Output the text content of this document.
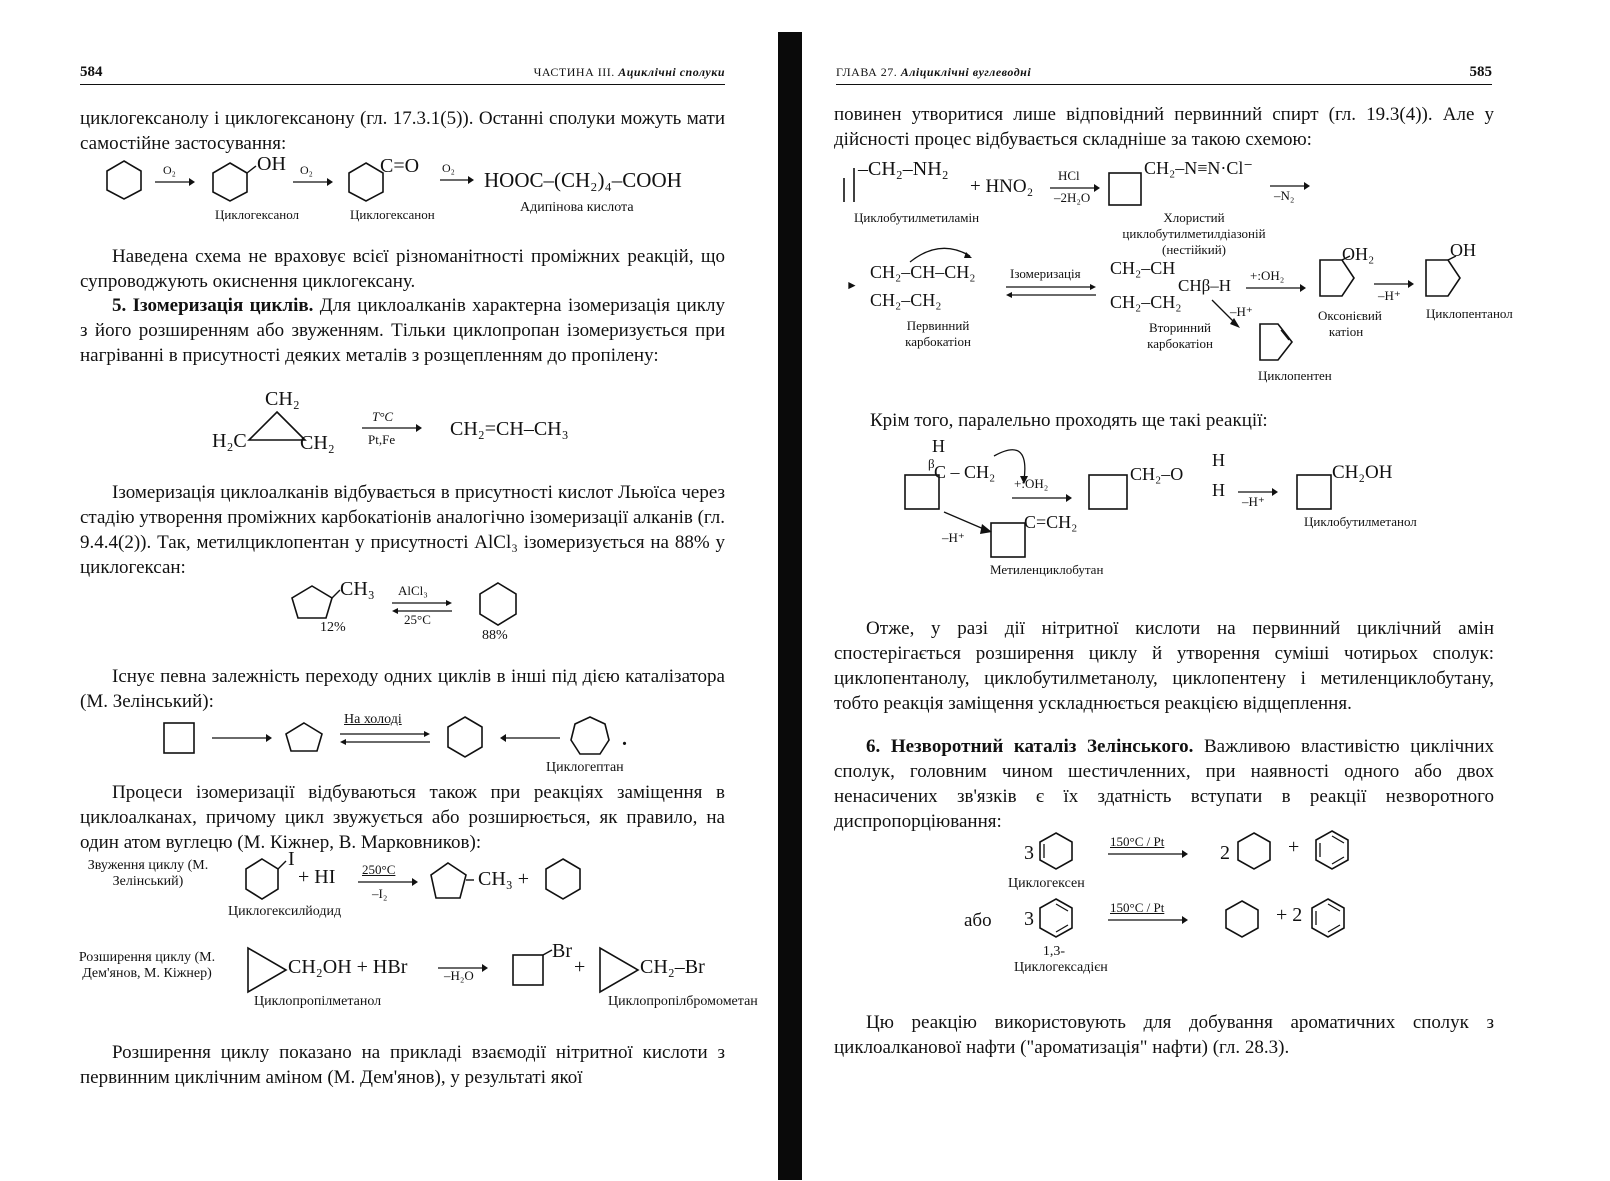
584	ЧАСТИНА III. Ациклічні сполуки
циклогексанолу і циклогексанону (гл. 17.3.1(5)). Останні сполуки можуть мати самостійне застосування:
O₂	OH O₂	C=O O₂ → HOOC–(CH₂)₄–COOH
Циклогексанол	Циклогексанон	Адипінова кислота
Наведена схема не враховує всієї різноманітності проміжних реакцій, що супроводжують окиснення циклогексану.
5. Ізомеризація циклів. Для циклоалканів характерна ізомеризація циклу з його розширенням або звуженням. Тільки циклопропан ізомеризується при нагріванні в присутності деяких металів з розщепленням до пропілену:
CH₂
H₂C	CH₂
T°C
Pt,Fe	CH₂=CH–CH₃
Ізомеризація циклоалканів відбувається в присутності кислот Льюїса через стадію утворення проміжних карбокатіонів аналогічно ізомеризації алканів (гл. 9.4.4(2)). Так, метилциклопентан у присутності AlCl₃ ізомеризується на 88% у циклогексан:
CH₃ AlCl₃
25°C
12%
88%
Існує певна залежність переходу одних циклів в інші під дією каталізатора (М. Зелінський):
На холоді
.
Циклогептан
Процеси ізомеризації відбуваються також при реакціях заміщення в циклоалканах, причому цикл звужується або розширюється, як правило, на один атом вуглецю (М. Кіжнер, В. Марковников):
Звуження циклу (М. Зелінський)
I
+ HI 250°C
–I₂
CH₃ +
Циклогексилйодид
Розширення циклу (М. Дем'янов, М. Кіжнер)	CH₂OH + HBr	–H₂O
Br
+	CH₂–Br
Циклопропілметанол	Циклопропілбромометан
Розширення циклу показано на прикладі взаємодії нітритної кислоти з первинним циклічним аміном (М. Дем'янов), у результаті якої
ГЛАВА 27. Аліциклічні вуглеводні	585
повинен утворитися лише відповідний первинний спирт (гл. 19.3(4)). Але у дійсності процес відбувається складніше за такою схемою:
–CH₂–NH₂
+ HNO₂
HCl
–2H₂O
CH₂–N≡N·Cl⁻
–N₂
Циклобутилметиламін	Хлористий циклобутилметилдіазоній (нестійкий)
►
CH₂–CH–CH₂
CH₂–CH₂
Ізомеризація CH₂–CH
CH₂–CH₂
CHβ–H
+:OH₂
–H⁺
Циклопентен
OH₂
–H⁺
OH
Первинний карбокатіон
Вторинний карбокатіон
Оксонієвий катіон
Циклопентанол
Крім того, паралельно проходять ще такі реакції:
H
β C – CH₂
+:OH₂	CH₂–O
H
H
–H⁺
CH₂OH
Циклобутилметанол
–H⁺
C=CH₂
Метиленциклобутан
Отже, у разі дії нітритної кислоти на первинний циклічний амін спостерігається розширення циклу й утворення суміші чотирьох сполук: циклопентанолу, циклобутилметанолу, циклопентену і метиленциклобутану, тобто реакція заміщення ускладнюється реакцією відщеплення.
6. Незворотний каталіз Зелінського. Важливою властивістю циклічних сполук, головним чином шестичленних, при наявності одного або двох ненасичених зв'язків є їх здатність вступати в реакції незворотного диспропорціювання:
3
150°C / Pt
2	+
Циклогексен
або 3
150°C / Pt	+ 2
1,3-Циклогексадієн
Цю реакцію використовують для добування ароматичних сполук з циклоалканової нафти ("ароматизація" нафти) (гл. 28.3).
